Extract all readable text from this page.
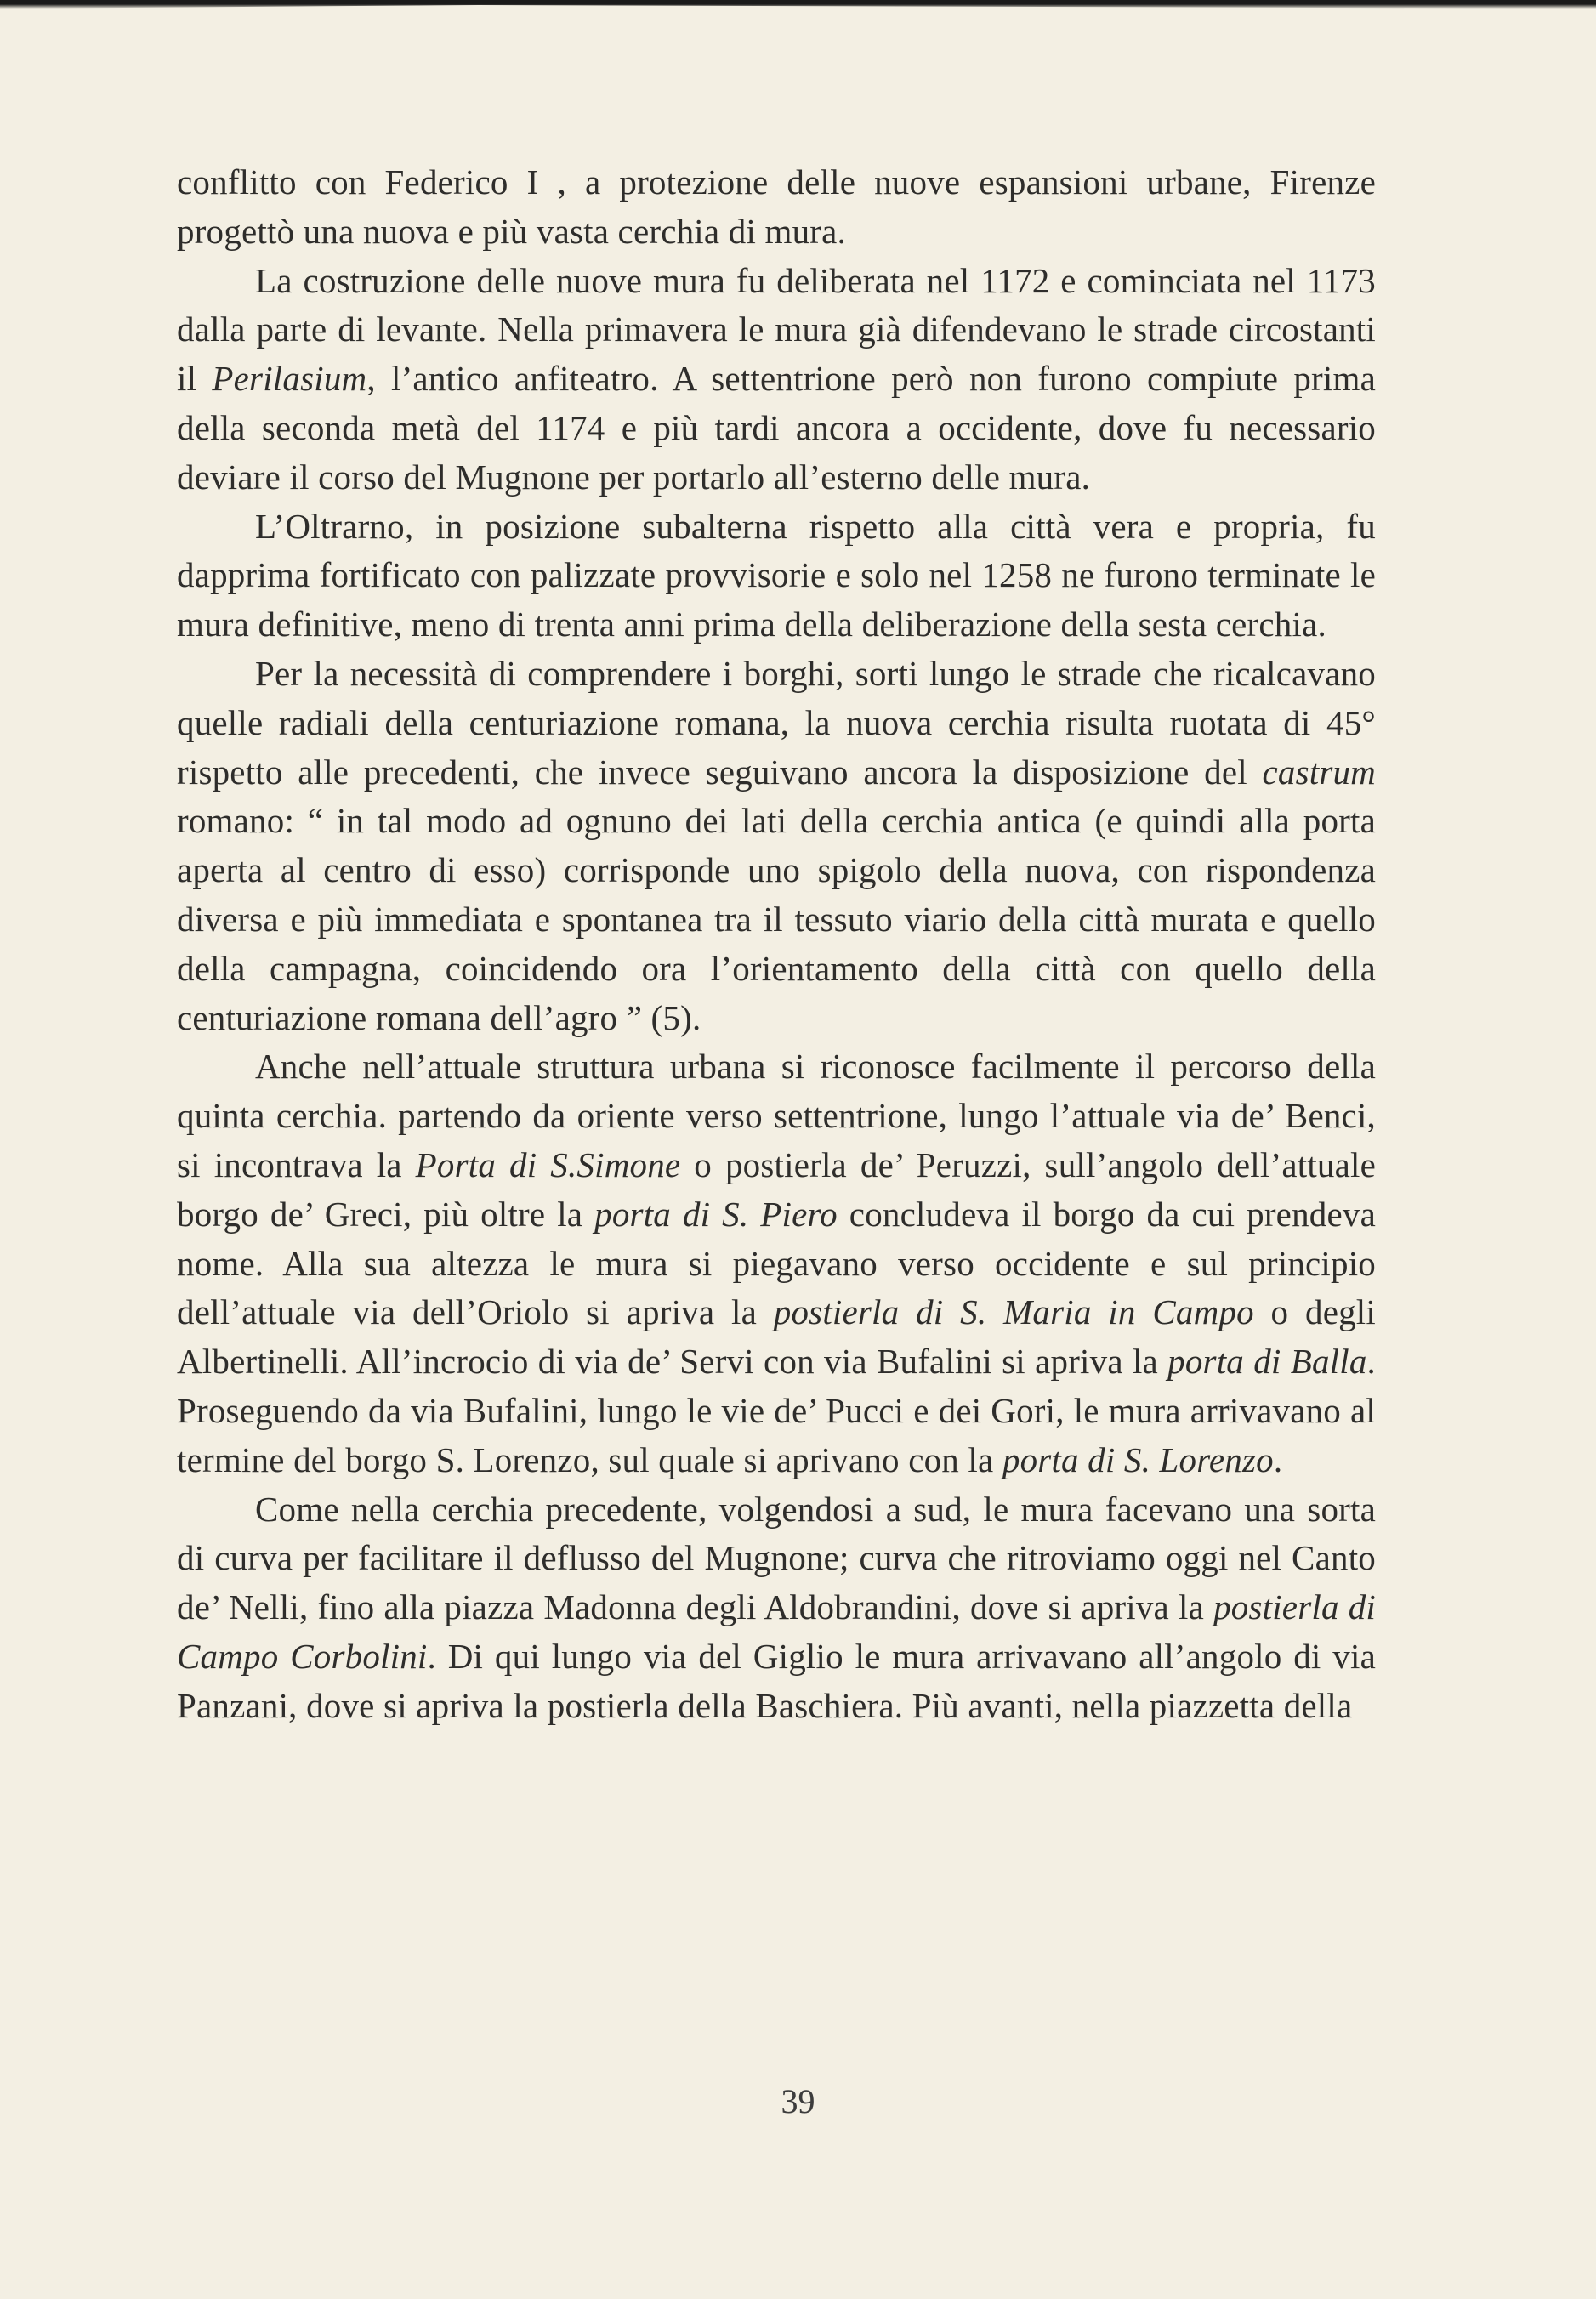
conflitto con Federico I , a protezione delle nuove espansioni urbane, Firenze progettò una nuova e più vasta cerchia di mura.

La costruzione delle nuove mura fu deliberata nel 1172 e cominciata nel 1173 dalla parte di levante. Nella primavera le mura già difendevano le strade circostanti il Perilasium, l’antico anfiteatro. A settentrione però non furono compiute prima della seconda metà del 1174 e più tardi ancora a occidente, dove fu necessario deviare il corso del Mugnone per portarlo all’esterno delle mura.

L’Oltrarno, in posizione subalterna rispetto alla città vera e propria, fu dapprima fortificato con palizzate provvisorie e solo nel 1258 ne furono terminate le mura definitive, meno di trenta anni prima della deliberazione della sesta cerchia.

Per la necessità di comprendere i borghi, sorti lungo le strade che ricalcavano quelle radiali della centuriazione romana, la nuova cerchia risulta ruotata di 45° rispetto alle precedenti, che invece seguivano ancora la disposizione del castrum romano: “ in tal modo ad ognuno dei lati della cerchia antica (e quindi alla porta aperta al centro di esso) corrisponde uno spigolo della nuova, con rispondenza diversa e più immediata e spontanea tra il tessuto viario della città murata e quello della campagna, coincidendo ora l’orientamento della città con quello della centuriazione romana dell’agro ” (5).

Anche nell’attuale struttura urbana si riconosce facilmente il percorso della quinta cerchia. partendo da oriente verso settentrione, lungo l’attuale via de’ Benci, si incontrava la Porta di S.Simone o postierla de’ Peruzzi, sull’angolo dell’attuale borgo de’ Greci, più oltre la porta di S. Piero concludeva il borgo da cui prendeva nome. Alla sua altezza le mura si piegavano verso occidente e sul principio dell’attuale via dell’Oriolo si apriva la postierla di S. Maria in Campo o degli Albertinelli. All’incrocio di via de’ Servi con via Bufalini si apriva la porta di Balla. Proseguendo da via Bufalini, lungo le vie de’ Pucci e dei Gori, le mura arrivavano al termine del borgo S. Lorenzo, sul quale si aprivano con la porta di S. Lorenzo.

Come nella cerchia precedente, volgendosi a sud, le mura facevano una sorta di curva per facilitare il deflusso del Mugnone; curva che ritroviamo oggi nel Canto de’ Nelli, fino alla piazza Madonna degli Aldobrandini, dove si apriva la postierla di Campo Corbolini. Di qui lungo via del Giglio le mura arrivavano all’angolo di via Panzani, dove si apriva la postierla della Baschiera. Più avanti, nella piazzetta della

39
